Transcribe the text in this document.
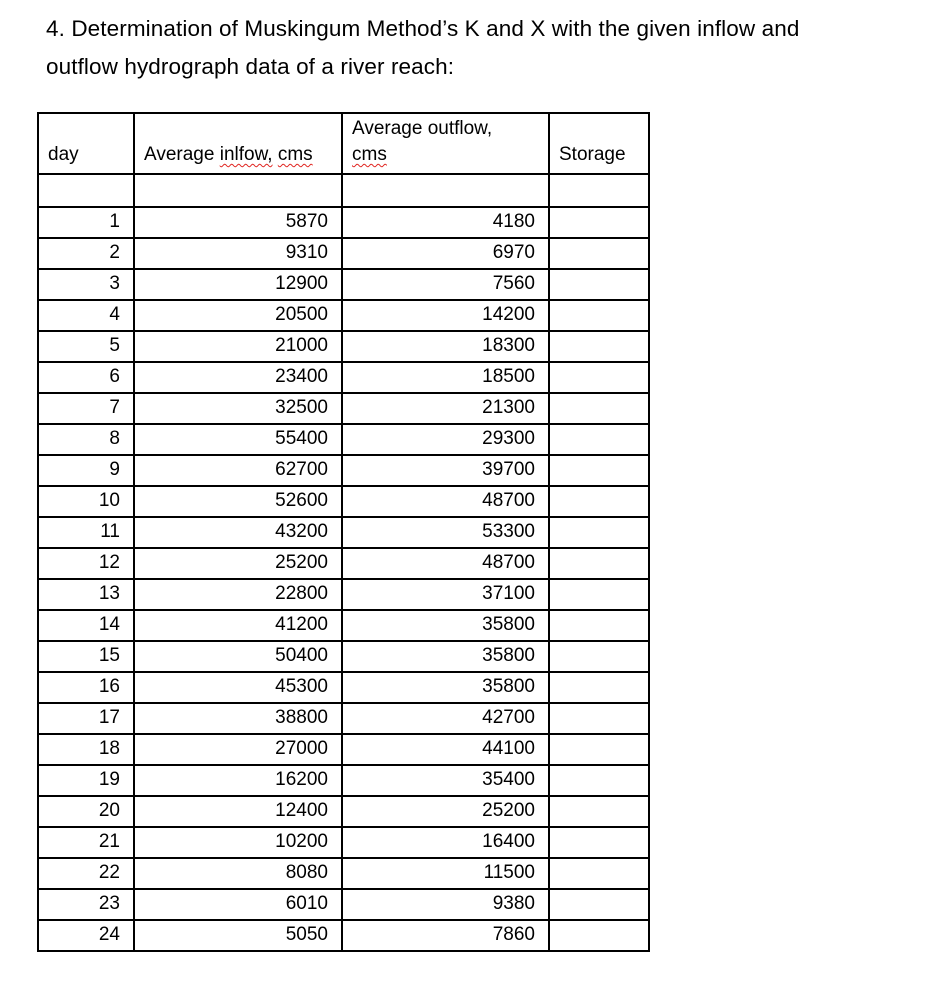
4. Determination of Muskingum Method’s K and X with the given inflow and
outflow hydrograph data of a river reach:

day	Average inlfow, cms	Average outflow,
cms	Storage

1	5870	4180	
2	9310	6970	
3	12900	7560	
4	20500	14200	
5	21000	18300	
6	23400	18500	
7	32500	21300	
8	55400	29300	
9	62700	39700	
10	52600	48700	
11	43200	53300	
12	25200	48700	
13	22800	37100	
14	41200	35800	
15	50400	35800	
16	45300	35800	
17	38800	42700	
18	27000	44100	
19	16200	35400	
20	12400	25200	
21	10200	16400	
22	8080	11500	
23	6010	9380	
24	5050	7860	
